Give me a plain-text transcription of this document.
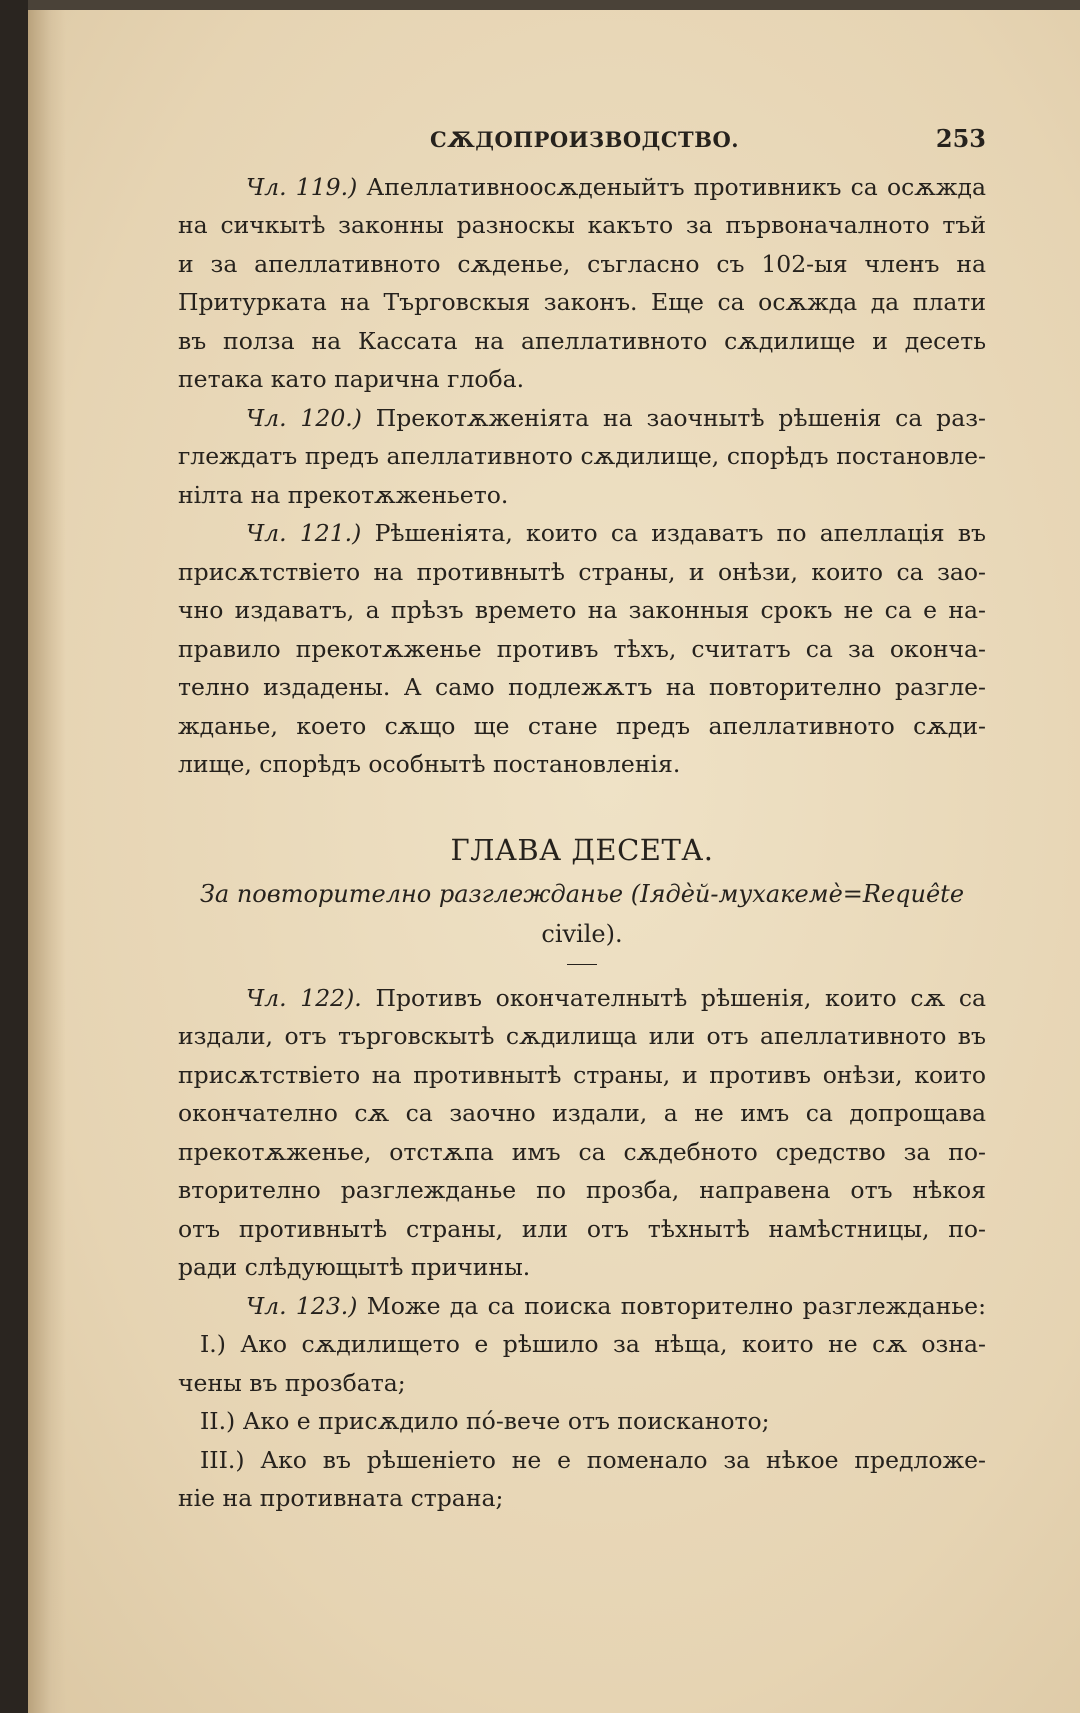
СѪДОПРОИЗВОДСТВО.	253
Чл. 119.) Апеллативноосѫденыйтъ противникъ са осѫжда
на сичкытѣ законны разноскы какъто за първоначалното тъй
и за апеллативното сѫденье, съгласно съ 102-ыя членъ на
Притурката на Търговскыя законъ. Еще са осѫжда да плати
въ полза на Кассата на апеллативното сѫдилище и десеть
петака като парична глоба.
Чл. 120.) Прекотѫженіята на заочнытѣ рѣшенія са раз-
глеждатъ предъ апеллативното сѫдилище, спорѣдъ постановле-
нілта на прекотѫженьето.
Чл. 121.) Рѣшеніята, които са издаватъ по апеллація въ
присѫтствіето на противнытѣ страны, и онѣзи, които са зао-
чно издаватъ, а прѣзъ времето на законныя срокъ не са е на-
правило прекотѫженье противъ тѣхъ, считатъ са за оконча-
телно издадены. А само подлежѫтъ на повторително разгле-
жданье, което сѫщо ще стане предъ апеллативното сѫди-
лище, спорѣдъ особнытѣ постановленія.
ГЛАВА ДЕСЕТА.
За повторително разглежданье (Іядѐй-мухакемѐ=Requête
civile).
Чл. 122). Противъ окончателнытѣ рѣшенія, които сѫ са
издали, отъ търговскытѣ сѫдилища или отъ апеллативното въ
присѫтствіето на противнытѣ страны, и противъ онѣзи, които
окончателно сѫ са заочно издали, а не имъ са допрощава
прекотѫженье, отстѫпа имъ са сѫдебното средство за по-
вторително разглежданье по прозба, направена отъ нѣкоя
отъ противнытѣ страны, или отъ тѣхнытѣ намѣстницы, по-
ради слѣдующытѣ причины.
Чл. 123.) Може да са поиска повторително разглежданье:
I.) Ако сѫдилището е рѣшило за нѣща, които не сѫ озна-
чены въ прозбата;
II.) Ако е присѫдило по́-вече отъ поисканото;
III.) Ако въ рѣшеніето не е поменало за нѣкое предложе-
ніе на противната страна;
